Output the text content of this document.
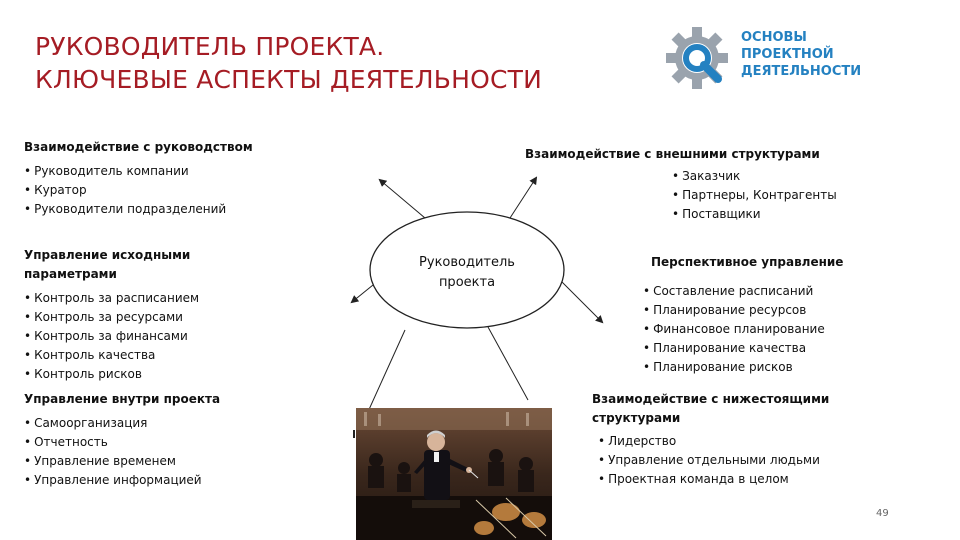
РУКОВОДИТЕЛЬ ПРОЕКТА.
КЛЮЧЕВЫЕ АСПЕКТЫ ДЕЯТЕЛЬНОСТИ
ОСНОВЫ
ПРОЕКТНОЙ
ДЕЯТЕЛЬНОСТИ
Руководитель
проекта
Взаимодействие с руководством
• Руководитель компании
• Куратор
• Руководители подразделений
Взаимодействие с внешними структурами
• Заказчик
• Партнеры, Контрагенты
• Поставщики
Управление исходными параметрами
• Контроль за расписанием
• Контроль за ресурсами
• Контроль за финансами
• Контроль качества
• Контроль рисков
Перспективное управление
• Составление расписаний
• Планирование ресурсов
• Финансовое планирование
• Планирование качества
• Планирование рисков
Управление внутри проекта
• Самоорганизация
• Отчетность
• Управление временем
• Управление информацией
Взаимодействие с нижестоящими структурами
• Лидерство
• Управление отдельными людьми
• Проектная команда в целом
49
